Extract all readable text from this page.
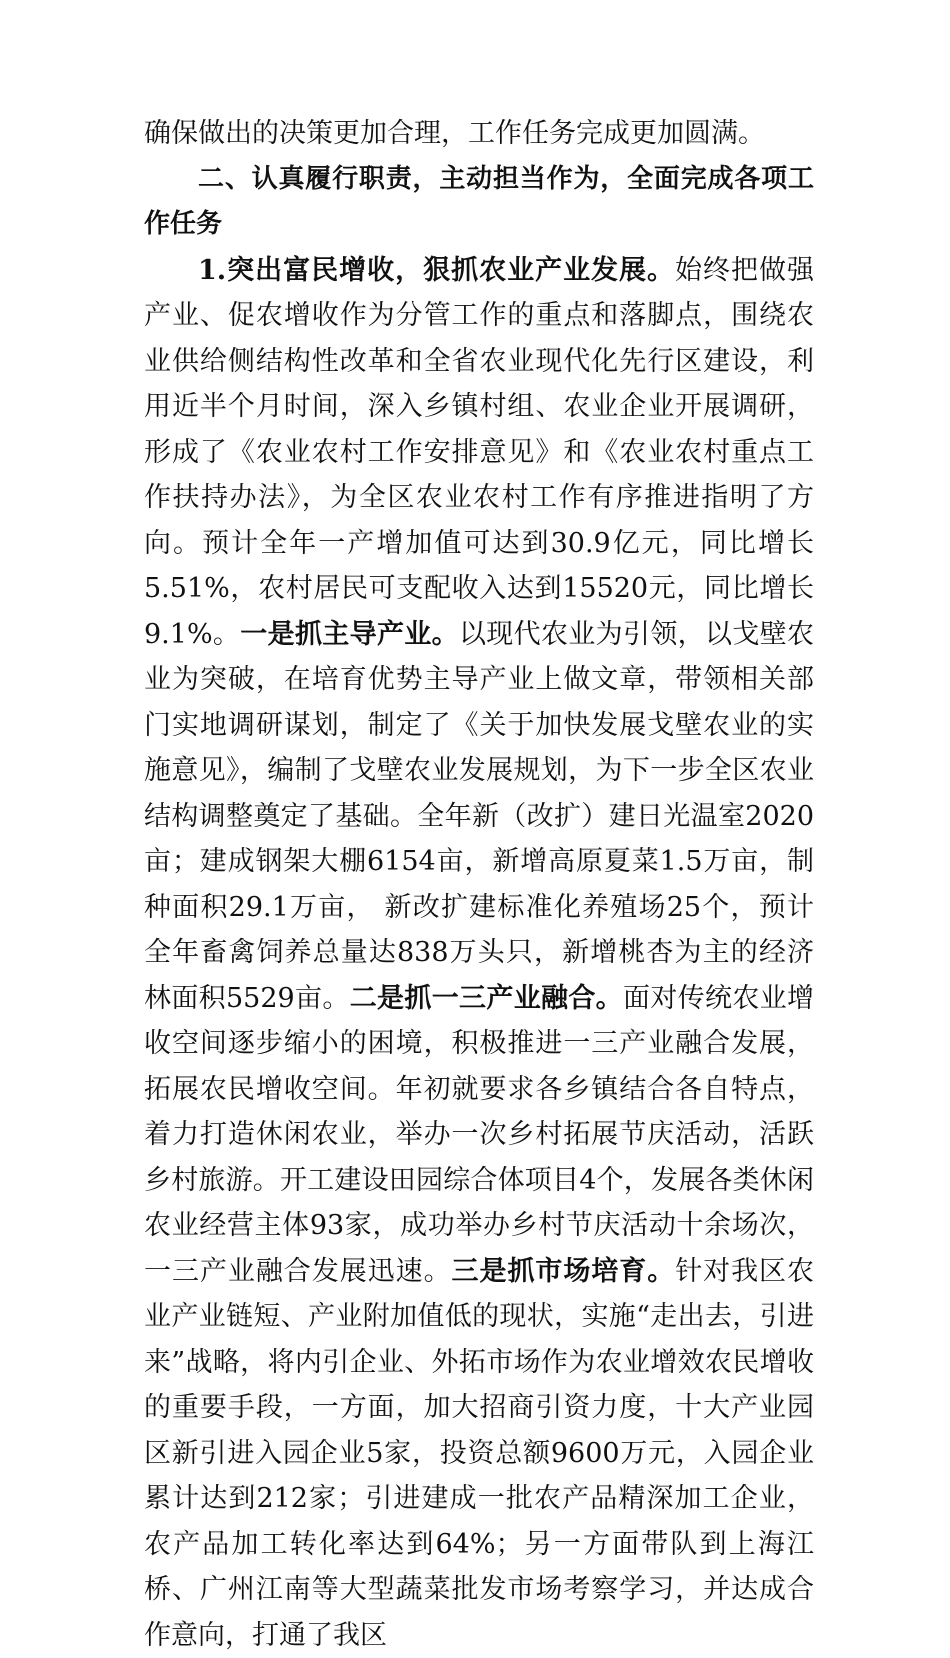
确保做出的决策更加合理，工作任务完成更加圆满。

二、认真履行职责，主动担当作为，全面完成各项工作任务

1.突出富民增收，狠抓农业产业发展。始终把做强产业、促农增收作为分管工作的重点和落脚点，围绕农业供给侧结构性改革和全省农业现代化先行区建设，利用近半个月时间，深入乡镇村组、农业企业开展调研，形成了《农业农村工作安排意见》和《农业农村重点工作扶持办法》，为全区农业农村工作有序推进指明了方向。预计全年一产增加值可达到30.9亿元，同比增长5.51%，农村居民可支配收入达到15520元，同比增长9.1%。一是抓主导产业。以现代农业为引领，以戈壁农业为突破，在培育优势主导产业上做文章，带领相关部门实地调研谋划，制定了《关于加快发展戈壁农业的实施意见》，编制了戈壁农业发展规划，为下一步全区农业结构调整奠定了基础。全年新（改扩）建日光温室2020亩；建成钢架大棚6154亩，新增高原夏菜1.5万亩，制种面积29.1万亩， 新改扩建标准化养殖场25个，预计全年畜禽饲养总量达838万头只，新增桃杏为主的经济林面积5529亩。二是抓一三产业融合。面对传统农业增收空间逐步缩小的困境，积极推进一三产业融合发展，拓展农民增收空间。年初就要求各乡镇结合各自特点，着力打造休闲农业，举办一次乡村拓展节庆活动，活跃乡村旅游。开工建设田园综合体项目4个，发展各类休闲农业经营主体93家，成功举办乡村节庆活动十余场次，一三产业融合发展迅速。三是抓市场培育。针对我区农业产业链短、产业附加值低的现状，实施“走出去，引进来”战略，将内引企业、外拓市场作为农业增效农民增收的重要手段，一方面，加大招商引资力度，十大产业园区新引进入园企业5家，投资总额9600万元，入园企业累计达到212家；引进建成一批农产品精深加工企业，农产品加工转化率达到64%；另一方面带队到上海江桥、广州江南等大型蔬菜批发市场考察学习，并达成合作意向，打通了我区
